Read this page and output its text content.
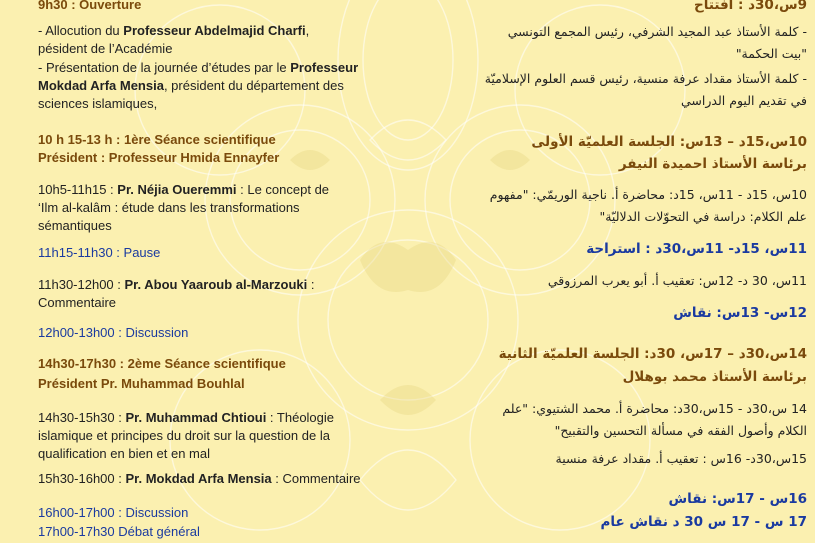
9h30 : Ouverture
- Allocution du Professeur Abdelmajid Charfi,
pésident de l’Académie
- Présentation de la journée d’études par le Professeur
Mokdad Arfa Mensia, président du département des
sciences islamiques,
10 h 15-13 h : 1ère Séance scientifique
Président : Professeur Hmida Ennayfer
10h5-11h15 : Pr. Néjia Oueremmi : Le concept de
‘Ilm al-kalâm : étude dans les transformations
sémantiques
11h15-11h30 : Pause
11h30-12h00 : Pr. Abou Yaaroub al-Marzouki :
Commentaire
12h00-13h00 : Discussion
14h30-17h30 : 2ème Séance scientifique
Président Pr. Muhammad Bouhlal
14h30-15h30 : Pr. Muhammad Chtioui : Théologie
islamique et principes du droit sur la question de la
qualification en bien et en mal
15h30-16h00 : Pr. Mokdad Arfa Mensia : Commentaire
16h00-17h00 : Discussion
17h00-17h30 Débat général
9س،30د : افتتاح
- كلمة الأستاذ عبد المجيد الشرفي، رئيس المجمع التونسي
"بيت الحكمة"
- كلمة الأستاذ مقداد عرفة منسية، رئيس قسم العلوم الإسلاميّة
في تقديم اليوم الدراسي
10س،15د – 13س: الجلسة العلميّة الأولى
برئاسة الأستاذ احميدة النيفر
10س، 15د - 11س، 15د: محاضرة أ. ناجية الوريمّي: "مفهوم
علم الكلام: دراسة في التحوّلات الدلاليّة"
11س، 15د- 11س،30د : استراحة
11س، 30 د- 12س: تعقيب أ. أبو يعرب المرزوقي
12س- 13س: نقاش
14س،30د – 17س، 30د: الجلسة العلميّة الثانية
برئاسة الأستاذ محمد بوهلال
14 س،30د - 15س،30د: محاضرة أ. محمد الشتيوي: "علم
الكلام وأصول الفقه في مسألة التحسين والتقبيح"
15س،30د- 16س : تعقيب أ. مقداد عرفة منسية
16س - 17س: نقاش
17 س - 17 س 30 د نقاش عام
